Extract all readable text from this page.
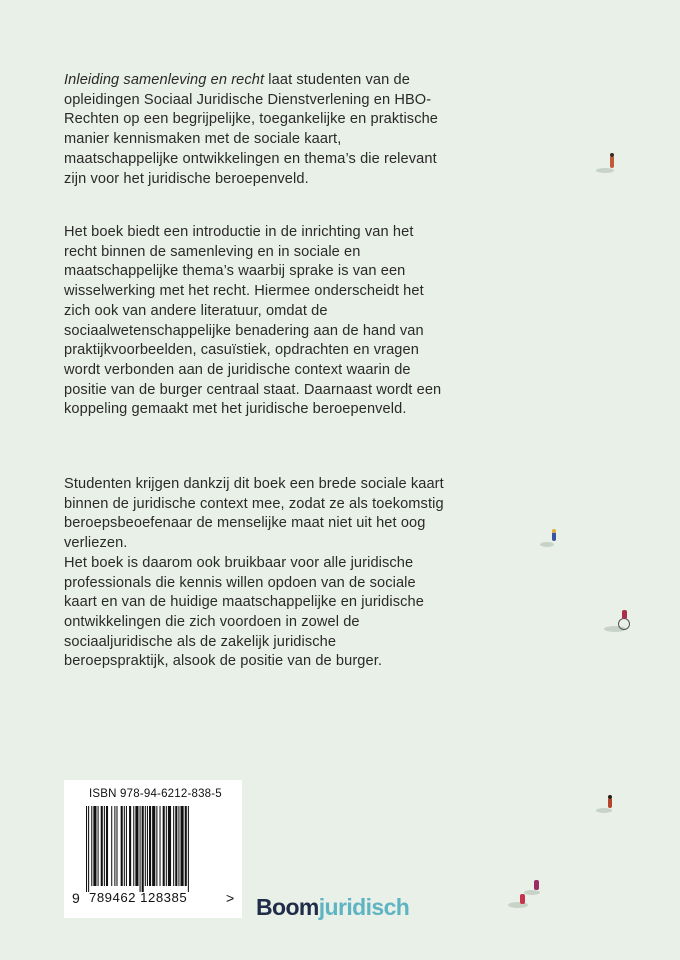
Inleiding samenleving en recht laat studenten van de opleidingen Sociaal Juridische Dienstverlening en HBO-Rechten op een begrijpelijke, toegankelijke en praktische manier kennismaken met de sociale kaart, maatschappelijke ontwikkelingen en thema’s die relevant zijn voor het juridische beroepenveld.

Het boek biedt een introductie in de inrichting van het recht binnen de samenleving en in sociale en maatschappelijke thema’s waarbij sprake is van een wisselwerking met het recht. Hiermee onderscheidt het zich ook van andere literatuur, omdat de sociaalwetenschappelijke benadering aan de hand van praktijkvoorbeelden, casuïstiek, opdrachten en vragen wordt verbonden aan de juridische context waarin de positie van de burger centraal staat. Daarnaast wordt een koppeling gemaakt met het juridische beroepenveld.

Studenten krijgen dankzij dit boek een brede sociale kaart binnen de juridische context mee, zodat ze als toekomstig beroepsbeoefenaar de menselijke maat niet uit het oog verliezen.

Het boek is daarom ook bruikbaar voor alle juridische professionals die kennis willen opdoen van de sociale kaart en van de huidige maatschappelijke en juridische ontwikkelingen die zich voordoen in zowel de sociaaljuridische als de zakelijk juridische beroepspraktijk, alsook de positie van de burger.

ISBN 978-94-6212-838-5
9 789462 128385	> Boomjuridisch
